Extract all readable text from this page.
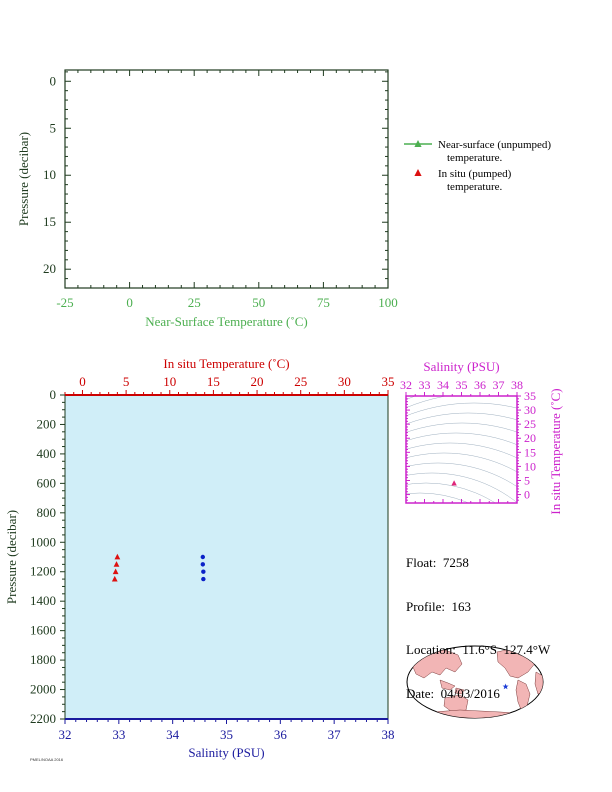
-25	0	25	50	75	100
0
5
10
15
20
Near-Surface Temperature (˚C)
Pressure (decibar)	Near-surface (unpumped)
temperature.
In situ (pumped)
temperature.
0	5	10 15 20 25 30 35
In situ Temperature (˚C)
32	33	34	35	36	37	38
Salinity (PSU)
0
200
400
600
800
1000
1200
1400
1600
1800
2000
2200
Pressure (decibar)
32 33 34 35 36 37 38
Salinity (PSU)
0
5
10
15
20
25
30
35 In situ Temperature (˚C)

Float:  7258

Profile:  163

Location:  11.6°S  127.4°W

Date:  04/03/2016

PMEL/NOAA 2016
